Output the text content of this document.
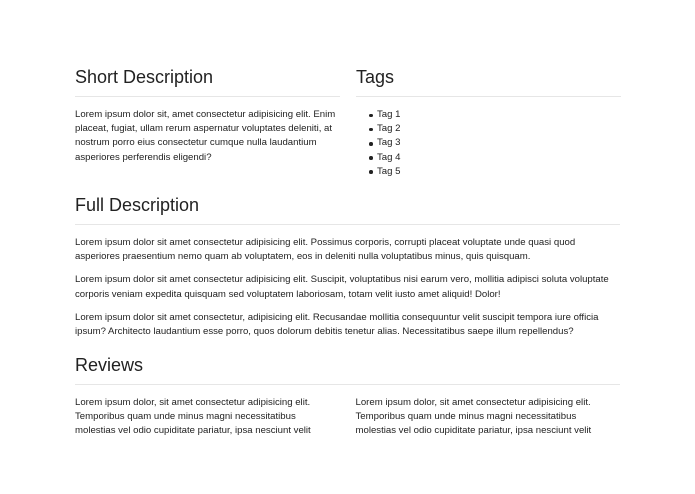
Short Description

Lorem ipsum dolor sit, amet consectetur adipisicing elit. Enim placeat, fugiat, ullam rerum aspernatur voluptates deleniti, at nostrum porro eius consectetur cumque nulla laudantium asperiores perferendis eligendi?

Tags
Tag 1
Tag 2
Tag 3
Tag 4
Tag 5
Full Description

Lorem ipsum dolor sit amet consectetur adipisicing elit. Possimus corporis, corrupti placeat voluptate unde quasi quod asperiores praesentium nemo quam ab voluptatem, eos in deleniti nulla voluptatibus minus, quis quisquam.

Lorem ipsum dolor sit amet consectetur adipisicing elit. Suscipit, voluptatibus nisi earum vero, mollitia adipisci soluta voluptate corporis veniam expedita quisquam sed voluptatem laboriosam, totam velit iusto amet aliquid! Dolor!

Lorem ipsum dolor sit amet consectetur, adipisicing elit. Recusandae mollitia consequuntur velit suscipit tempora iure officia ipsum? Architecto laudantium esse porro, quos dolorum debitis tenetur alias. Necessitatibus saepe illum repellendus?

Reviews

Lorem ipsum dolor, sit amet consectetur adipisicing elit. Temporibus quam unde minus magni necessitatibus molestias vel odio cupiditate pariatur, ipsa nesciunt velit

Lorem ipsum dolor, sit amet consectetur adipisicing elit. Temporibus quam unde minus magni necessitatibus molestias vel odio cupiditate pariatur, ipsa nesciunt velit
